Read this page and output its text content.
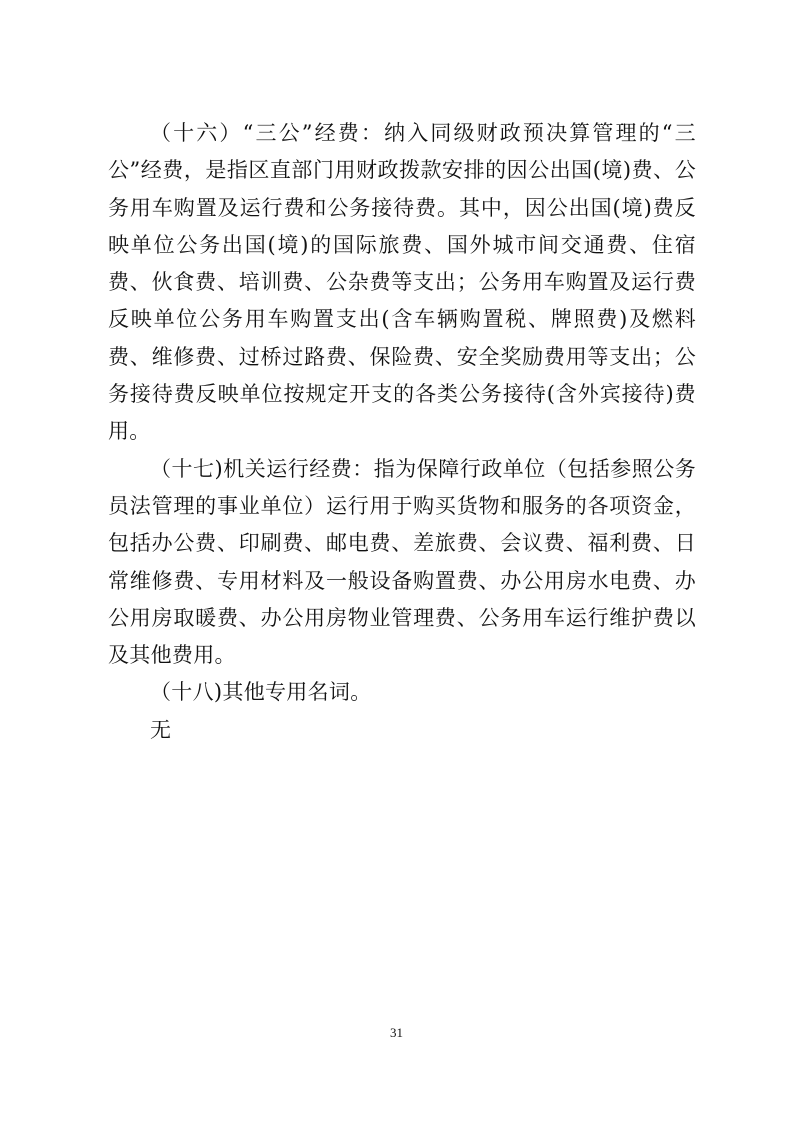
（十六）“三公”经费：纳入同级财政预决算管理的“三公”经费，是指区直部门用财政拨款安排的因公出国(境)费、公务用车购置及运行费和公务接待费。其中，因公出国(境)费反映单位公务出国(境)的国际旅费、国外城市间交通费、住宿费、伙食费、培训费、公杂费等支出；公务用车购置及运行费反映单位公务用车购置支出(含车辆购置税、牌照费)及燃料费、维修费、过桥过路费、保险费、安全奖励费用等支出；公务接待费反映单位按规定开支的各类公务接待(含外宾接待)费用。

（十七)机关运行经费：指为保障行政单位（包括参照公务员法管理的事业单位）运行用于购买货物和服务的各项资金，包括办公费、印刷费、邮电费、差旅费、会议费、福利费、日常维修费、专用材料及一般设备购置费、办公用房水电费、办公用房取暖费、办公用房物业管理费、公务用车运行维护费以及其他费用。

（十八)其他专用名词。

无

31
